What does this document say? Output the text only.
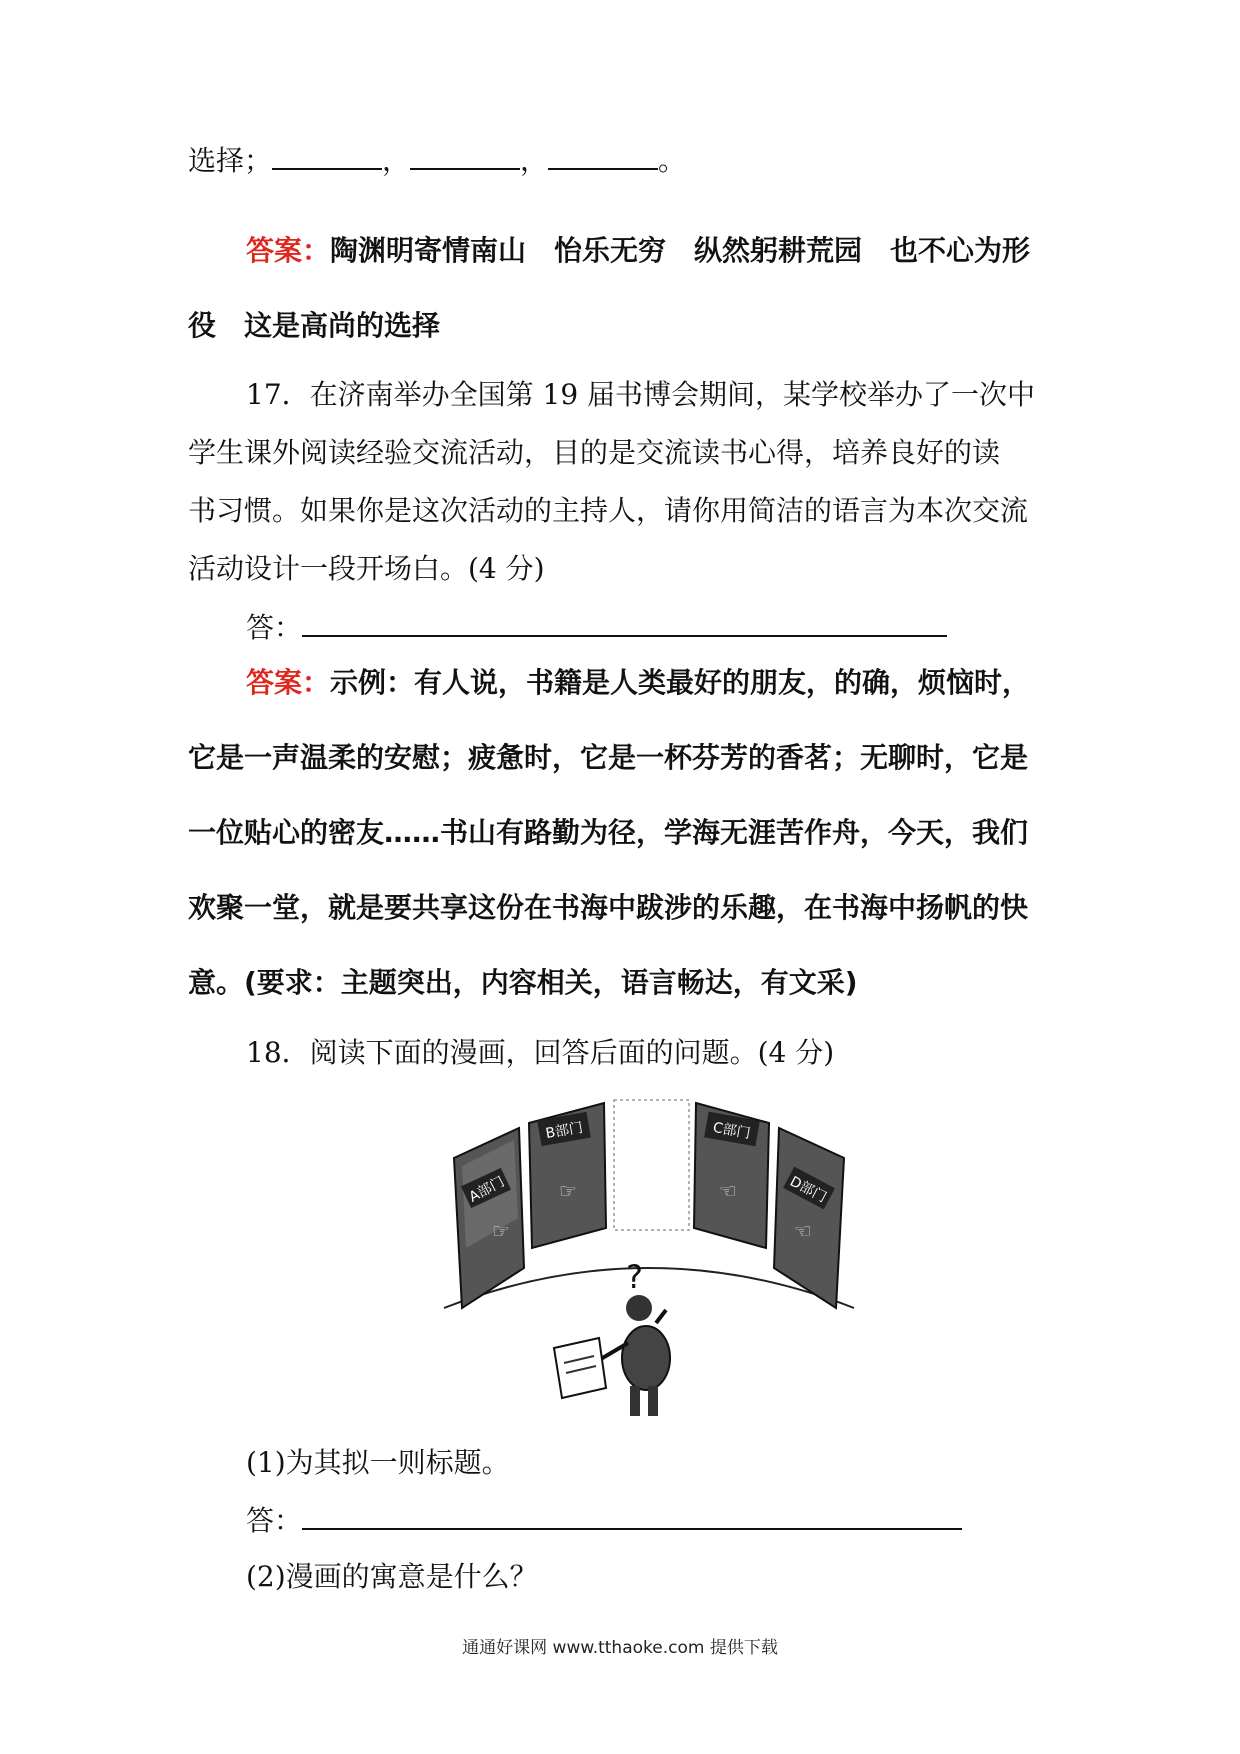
选择；	，	，	。
答案：陶渊明寄情南山　怡乐无穷　纵然躬耕荒园　也不心为形
役　这是高尚的选择
17．在济南举办全国第 19 届书博会期间，某学校举办了一次中
学生课外阅读经验交流活动，目的是交流读书心得，培养良好的读
书习惯。如果你是这次活动的主持人，请你用简洁的语言为本次交流
活动设计一段开场白。(4 分)
答：
答案：示例：有人说，书籍是人类最好的朋友，的确，烦恼时，
它是一声温柔的安慰；疲惫时，它是一杯芬芳的香茗；无聊时，它是
一位贴心的密友……书山有路勤为径，学海无涯苦作舟，今天，我们
欢聚一堂，就是要共享这份在书海中跋涉的乐趣，在书海中扬帆的快
意。(要求：主题突出，内容相关，语言畅达，有文采)
18．阅读下面的漫画，回答后面的问题。(4 分)
A部门
☞
B部门
☞
C部门
☜	D部门
☜
?
(1)为其拟一则标题。
答：
(2)漫画的寓意是什么？
通通好课网 www.tthaoke.com 提供下载
